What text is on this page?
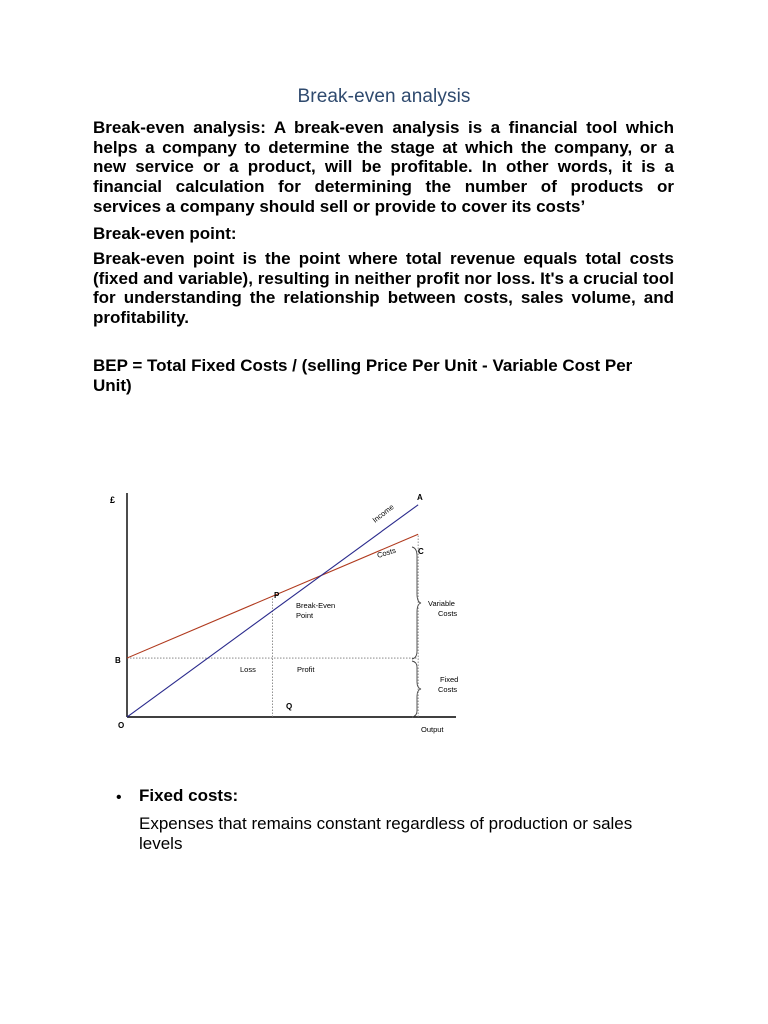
Break-even analysis
Break-even analysis: A break-even analysis is a financial tool which helps a company to determine the stage at which the company, or a new service or a product, will be profitable. In other words, it is a financial calculation for determining the number of products or services a company should sell or provide to cover its costs’
Break-even point:
Break-even point is the point where total revenue equals total costs (fixed and variable), resulting in neither profit nor loss. It's a crucial tool for understanding the relationship between costs, sales volume, and profitability.
BEP = Total Fixed Costs / (selling Price Per Unit - Variable Cost Per Unit)
£
O
B
A
C
Income
Costs
P
Break-Even
Point
Loss	Profit
Q
Variable
Costs
Fixed
Costs
Output
• Fixed costs:
Expenses that remains constant regardless of production or sales levels
